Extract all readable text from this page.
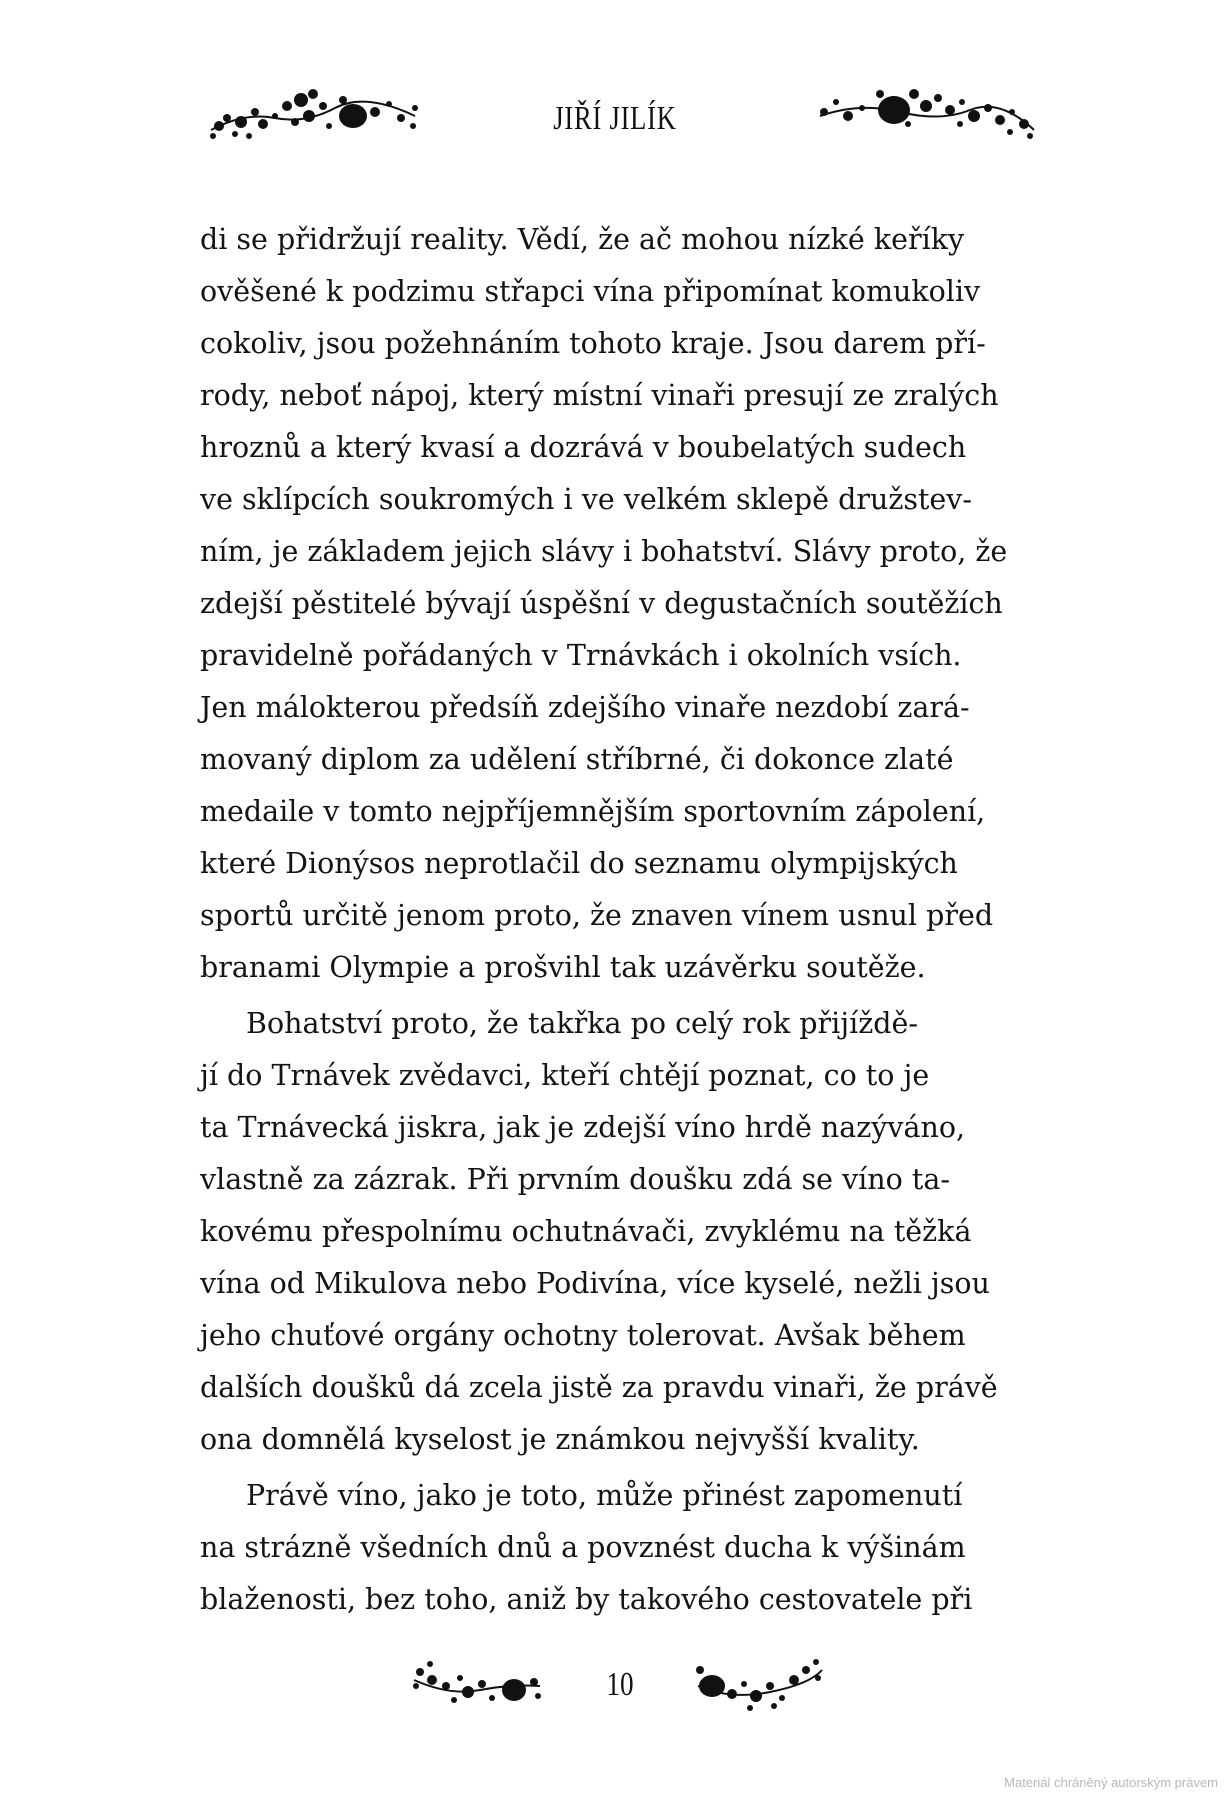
JIŘÍ JILÍK

di se přidržují reality. Vědí, že ač mohou nízké keříky
ověšené k podzimu střapci vína připomínat komukoliv
cokoliv, jsou požehnáním tohoto kraje. Jsou darem pří-
rody, neboť nápoj, který místní vinaři presují ze zralých
hroznů a který kvasí a dozrává v boubelatých sudech
ve sklípcích soukromých i ve velkém sklepě družstev-
ním, je základem jejich slávy i bohatství. Slávy proto, že
zdejší pěstitelé bývají úspěšní v degustačních soutěžích
pravidelně pořádaných v Trnávkách i okolních vsích.
Jen málokterou předsíň zdejšího vinaře nezdobí zará-
movaný diplom za udělení stříbrné, či dokonce zlaté
medaile v tomto nejpříjemnějším sportovním zápolení,
které Dionýsos neprotlačil do seznamu olympijských
sportů určitě jenom proto, že znaven vínem usnul před
branami Olympie a prošvihl tak uzávěrku soutěže.

Bohatství proto, že takřka po celý rok přijíždě-
jí do Trnávek zvědavci, kteří chtějí poznat, co to je
ta Trnávecká jiskra, jak je zdejší víno hrdě nazýváno,
vlastně za zázrak. Při prvním doušku zdá se víno ta-
kovému přespolnímu ochutnávači, zvyklému na těžká
vína od Mikulova nebo Podivína, více kyselé, nežli jsou
jeho chuťové orgány ochotny tolerovat. Avšak během
dalších doušků dá zcela jistě za pravdu vinaři, že právě
ona domnělá kyselost je známkou nejvyšší kvality.

Právě víno, jako je toto, může přinést zapomenutí
na strázně všedních dnů a povznést ducha k výšinám
blaženosti, bez toho, aniž by takového cestovatele při

10
Materiál chráněný autorským právem
